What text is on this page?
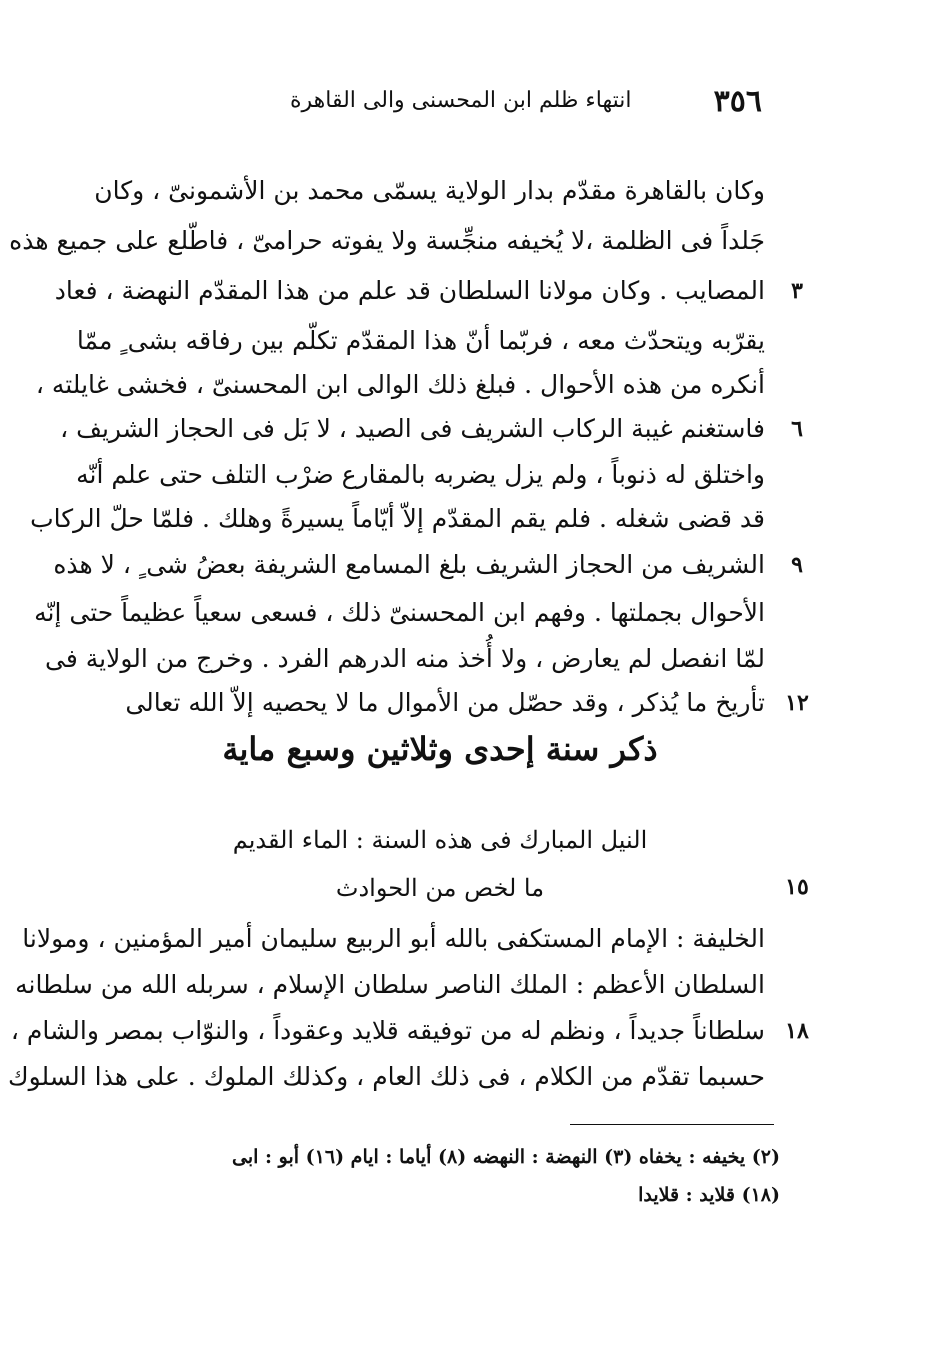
٣٥٦
انتهاء ظلم ابن المحسنى والى القاهرة
وكان بالقاهرة مقدّم بدار الولاية يسمّى محمد بن الأشمونىّ ، وكان
جَلداً فى الظلمة ،لا يُخيفه منجِّسة ولا يفوته حرامىّ ، فاطّلع على جميع هذه
المصايب . وكان مولانا السلطان قد علم من هذا المقدّم النهضة ، فعاد
يقرّبه ويتحدّث معه ، فربّما أنّ هذا المقدّم تكلّم بين رفاقه بشى ٍ ممّا
أنكره من هذه الأحوال . فبلغ ذلك الوالى ابن المحسنىّ ، فخشى غايلته ،
فاستغنم غيبة الركاب الشريف فى الصيد ، لا بَل فى الحجاز الشريف ،
واختلق له ذنوباً ، ولم يزل يضربه بالمقارع ضرْب التلف حتى علم أنّه
قد قضى شغله . فلم يقم المقدّم إلاّ أيّاماً يسيرةً وهلك . فلمّا حلّ الركاب
الشريف من الحجاز الشريف بلغ المسامع الشريفة بعضُ شى ٍ ، لا هذه
الأحوال بجملتها . وفهم ابن المحسنىّ ذلك ، فسعى سعياً عظيماً حتى إنّه
لمّا انفصل لم يعارض ، ولا أُخذ منه الدرهم الفرد . وخرج من الولاية فى
تأريخ ما يُذكر ، وقد حصّل من الأموال ما لا يحصيه إلاّ الله تعالى
٣
٦
٩
١٢
ذكر سنة إحدى وثلاثين وسبع ماية
النيل المبارك فى هذه السنة : الماء القديم
ما لخص من الحوادث	١٥
الخليفة : الإمام المستكفى بالله أبو الربيع سليمان أمير المؤمنين ، ومولانا
السلطان الأعظم : الملك الناصر سلطان الإسلام ، سربله الله من سلطانه
سلطاناً جديداً ، ونظم له من توفيقه قلايد وعقوداً ، والنوّاب بمصر والشام ،
حسبما تقدّم من الكلام ، فى ذلك العام ، وكذلك الملوك . على هذا السلوك
١٨
(٢) يخيفه : يخفاه (٣) النهضة : النهضه (٨) أياما : ايام (١٦) أبو : ابى
(١٨) قلايد : قلايدا
